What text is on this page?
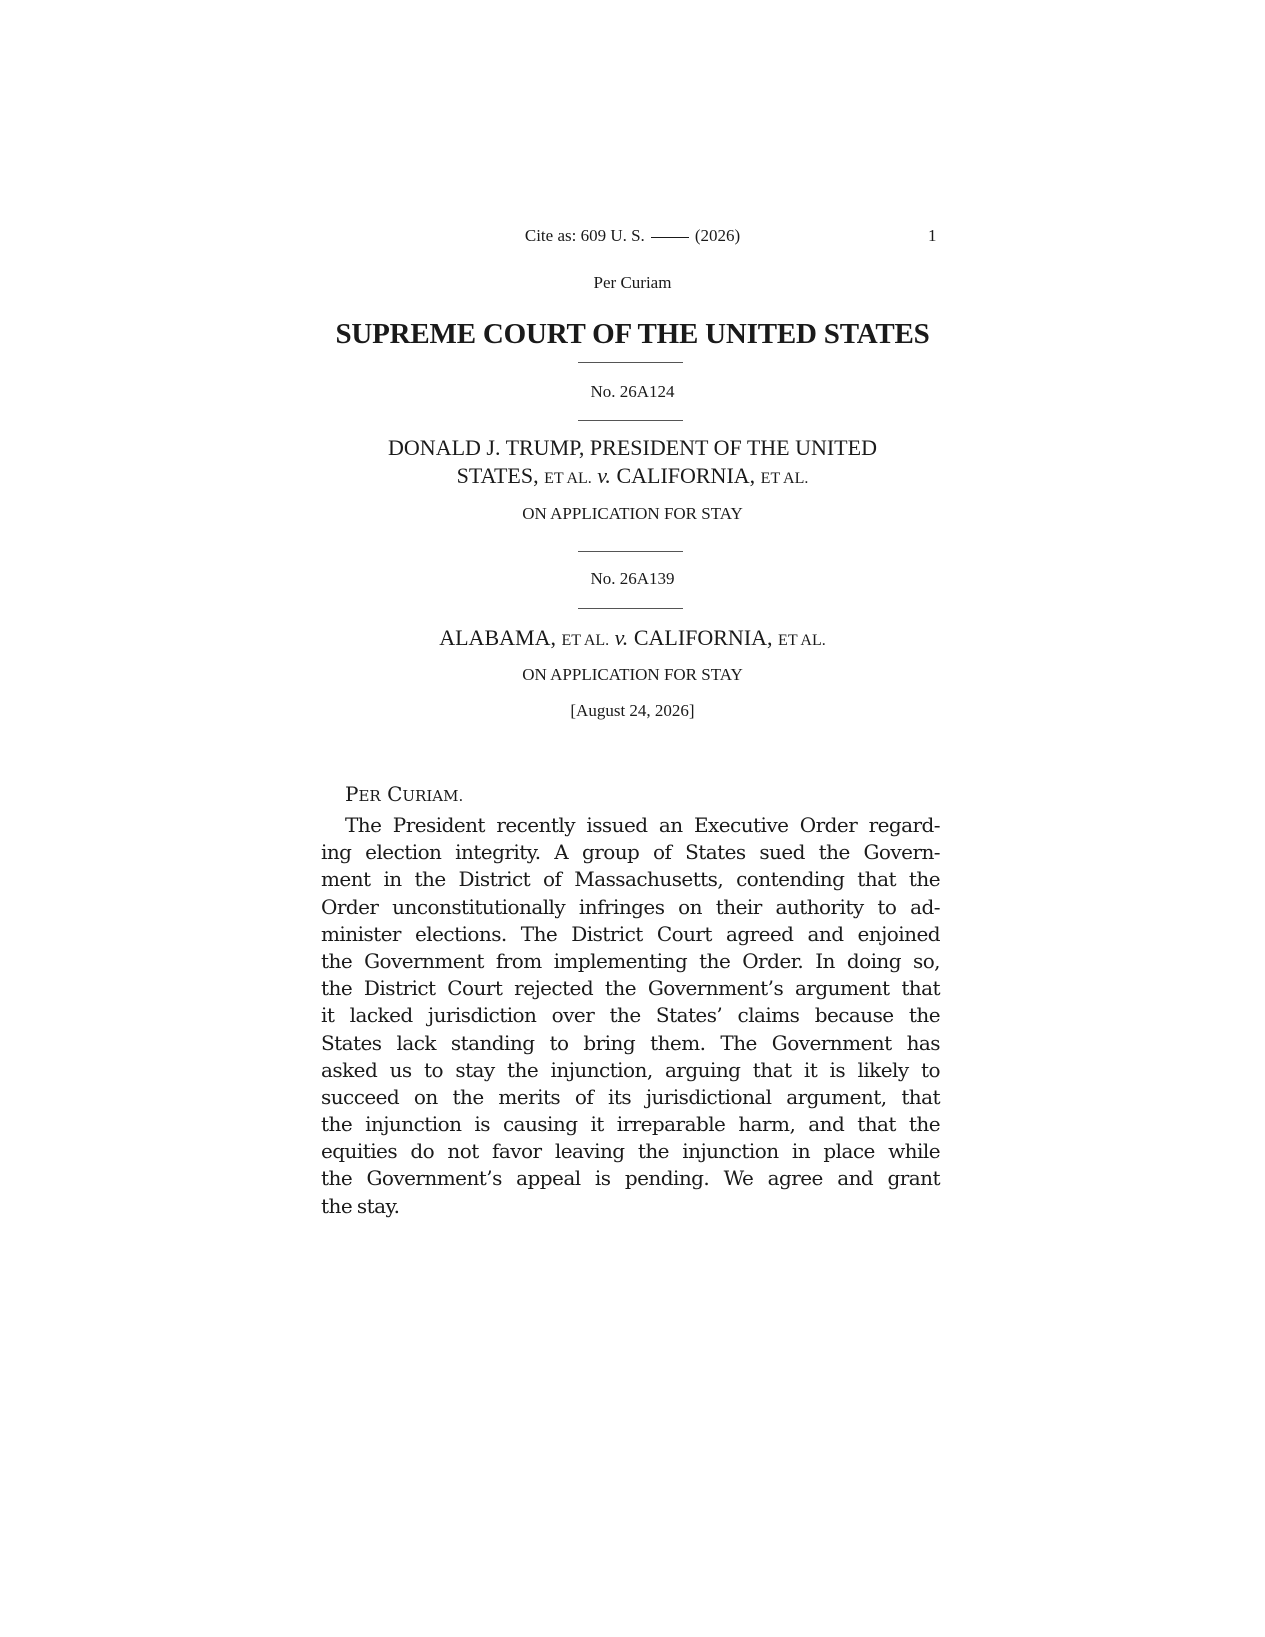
Cite as: 609 U. S.	(2026)	1
Per Curiam
SUPREME COURT OF THE UNITED STATES
No. 26A124
DONALD J. TRUMP, PRESIDENT OF THE UNITED
STATES, ET AL. v. CALIFORNIA, ET AL.
ON APPLICATION FOR STAY
No. 26A139
ALABAMA, ET AL. v. CALIFORNIA, ET AL.
ON APPLICATION FOR STAY
[August 24, 2026]
PER CURIAM.
The President recently issued an Executive Order regard-
ing election integrity. A group of States sued the Govern-
ment in the District of Massachusetts, contending that the
Order unconstitutionally infringes on their authority to ad-
minister elections. The District Court agreed and enjoined
the Government from implementing the Order. In doing so,
the District Court rejected the Government’s argument that
it lacked jurisdiction over the States’ claims because the
States lack standing to bring them. The Government has
asked us to stay the injunction, arguing that it is likely to
succeed on the merits of its jurisdictional argument, that
the injunction is causing it irreparable harm, and that the
equities do not favor leaving the injunction in place while
the Government’s appeal is pending. We agree and grant
the stay.
